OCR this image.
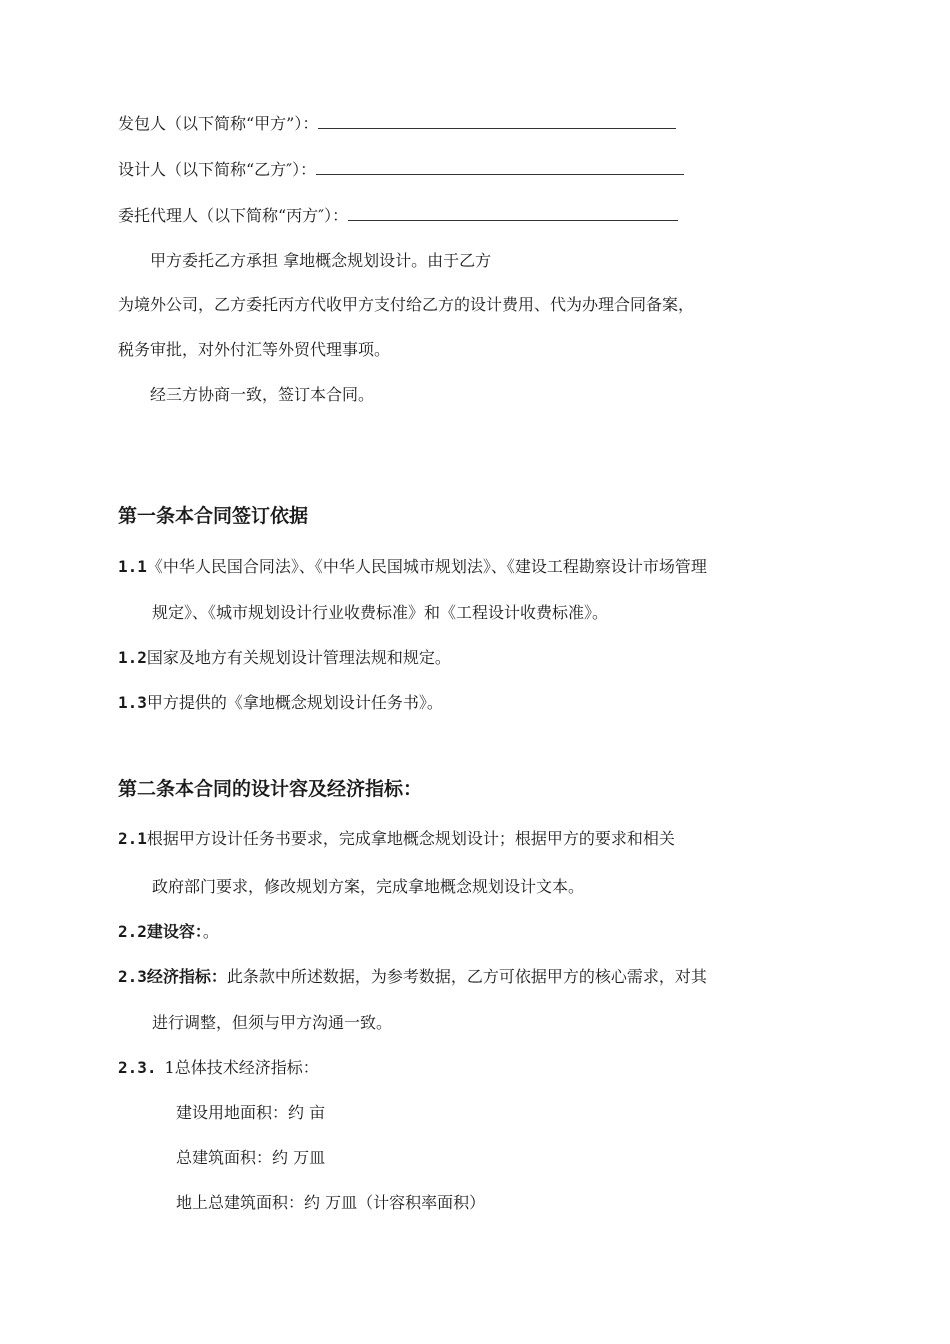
发包人（以下简称“甲方”）：
设计人（以下简称“乙方″）：
委托代理人（以下简称“丙方″）：
甲方委托乙方承担 拿地概念规划设计。由于乙方
为境外公司，乙方委托丙方代收甲方支付给乙方的设计费用、代为办理合同备案，
税务审批，对外付汇等外贸代理事项。
经三方协商一致，签订本合同。
第一条本合同签订依据
1.1《中华人民国合同法》、《中华人民国城市规划法》、《建设工程勘察设计市场管理
规定》、《城市规划设计行业收费标准》和《工程设计收费标准》。
1.2国家及地方有关规划设计管理法规和规定。
1.3甲方提供的《拿地概念规划设计任务书》。
第二条本合同的设计容及经济指标：
2.1根据甲方设计任务书要求，完成拿地概念规划设计；根据甲方的要求和相关
政府部门要求，修改规划方案，完成拿地概念规划设计文本。
2.2建设容：。
2.3经济指标：此条款中所述数据，为参考数据，乙方可依据甲方的核心需求，对其
进行调整，但须与甲方沟通一致。
2.3. 1总体技术经济指标：
建设用地面积：约 亩
总建筑面积：约 万皿
地上总建筑面积：约 万皿（计容积率面积）
